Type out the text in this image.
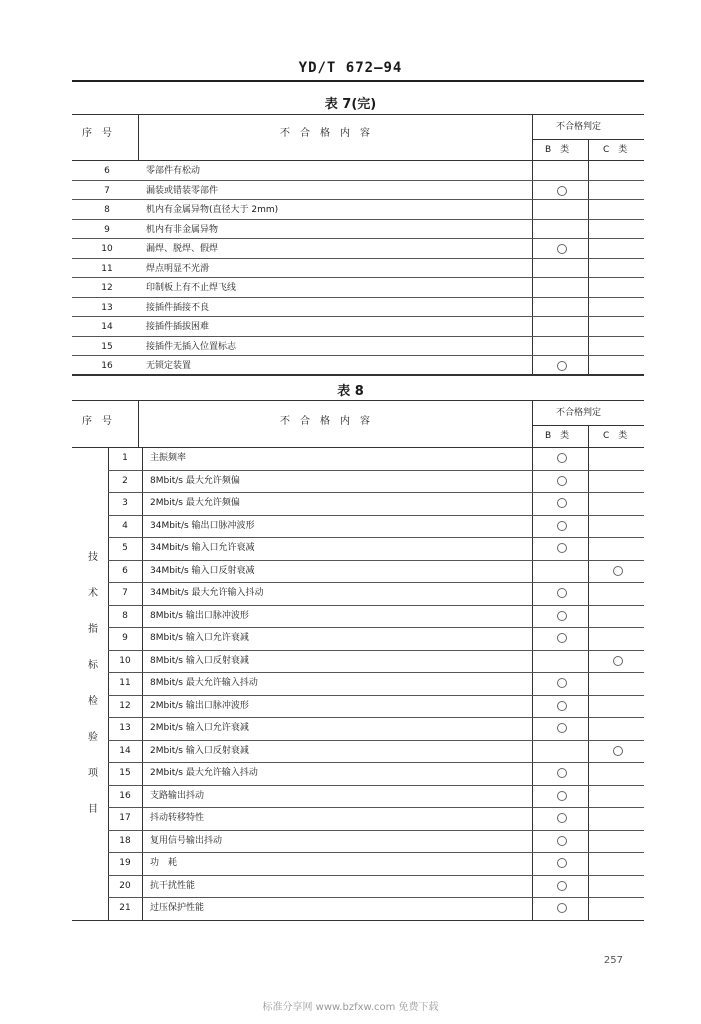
YD/T 672—94
表 7(完)
序　号	不　合　格　内　容
不合格判定
B　类	C　类
6	零部件有松动
7	漏装或错装零部件
8	机内有金属异物(直径大于 2mm)
9	机内有非金属异物
10	漏焊、脱焊、假焊
11	焊点明显不光滑
12	印制板上有不止焊飞线
13	接插件插接不良
14	接插件插拔困难
15	接插件无插入位置标志
16	无锁定装置
表 8
序　号	不　合　格　内　容
不合格判定
B　类	C　类
技
术
指
标
检
验
项
目
1	主振频率
2	8Mbit/s 最大允许频偏
3	2Mbit/s 最大允许频偏
4	34Mbit/s 输出口脉冲波形
5	34Mbit/s 输入口允许衰减
6	34Mbit/s 输入口反射衰减
7	34Mbit/s 最大允许输入抖动
8	8Mbit/s 输出口脉冲波形
9	8Mbit/s 输入口允许衰减
10	8Mbit/s 输入口反射衰减
11	8Mbit/s 最大允许输入抖动
12	2Mbit/s 输出口脉冲波形
13	2Mbit/s 输入口允许衰减
14	2Mbit/s 输入口反射衰减
15	2Mbit/s 最大允许输入抖动
16	支路输出抖动
17	抖动转移特性
18	复用信号输出抖动
19	功　耗
20	抗干扰性能
21	过压保护性能
257
标准分享网 www.bzfxw.com 免费下载
